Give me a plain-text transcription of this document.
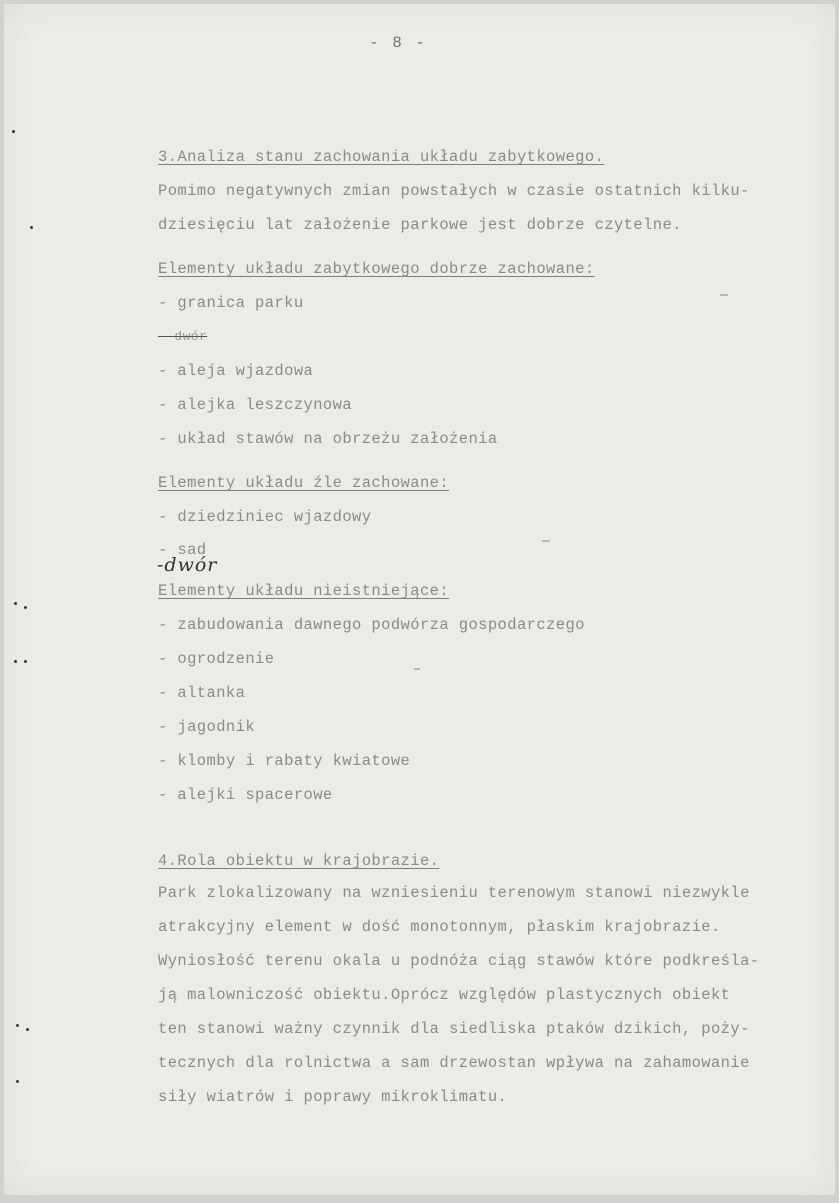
- 8 -
3.Analiza stanu zachowania układu zabytkowego.
Pomimo negatywnych zmian powstałych w czasie ostatnich kilku-
dziesięciu lat założenie parkowe jest dobrze czytelne.
Elementy układu zabytkowego dobrze zachowane:
- granica parku
- dwór
- aleja wjazdowa
- alejka leszczynowa
- układ stawów na obrzeżu założenia
Elementy układu źle zachowane:
- dziedziniec wjazdowy
- sad
-dwór
Elementy układu nieistniejące:
- zabudowania dawnego podwórza gospodarczego
- ogrodzenie
- altanka
- jagodnik
- klomby i rabaty kwiatowe
- alejki spacerowe
4.Rola obiektu w krajobrazie.
Park zlokalizowany na wzniesieniu terenowym stanowi niezwykle
atrakcyjny element w dość monotonnym, płaskim krajobrazie.
Wyniosłość terenu okala u podnóża ciąg stawów które podkreśla-
ją malowniczość obiektu.Oprócz względów plastycznych obiekt
ten stanowi ważny czynnik dla siedliska ptaków dzikich, poży-
tecznych dla rolnictwa a sam drzewostan wpływa na zahamowanie
siły wiatrów i poprawy mikroklimatu.
